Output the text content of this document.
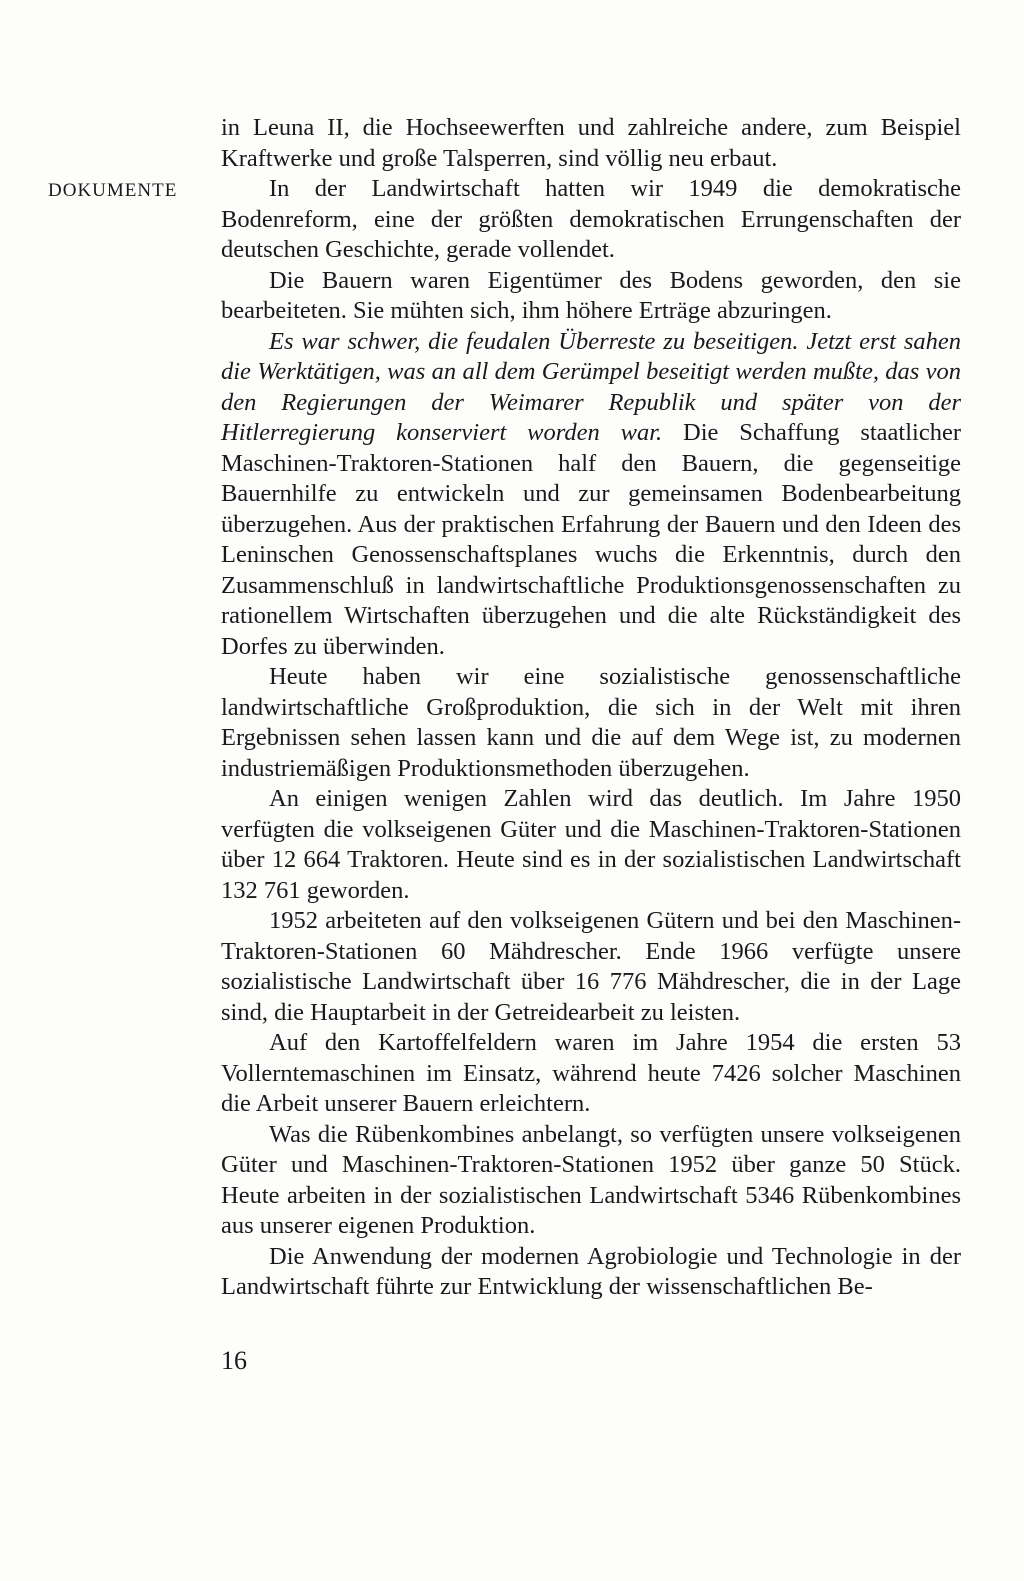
DOKUMENTE

in Leuna II, die Hochseewerften und zahlreiche andere, zum Beispiel Kraftwerke und große Talsperren, sind völlig neu erbaut.

In der Landwirtschaft hatten wir 1949 die demokratische Bodenreform, eine der größten demokratischen Errungenschaften der deutschen Geschichte, gerade vollendet.

Die Bauern waren Eigentümer des Bodens geworden, den sie bearbeiteten. Sie mühten sich, ihm höhere Erträge abzuringen.

Es war schwer, die feudalen Überreste zu beseitigen. Jetzt erst sahen die Werktätigen, was an all dem Gerümpel beseitigt werden mußte, das von den Regierungen der Weimarer Republik und später von der Hitlerregierung konserviert worden war. Die Schaffung staatlicher Maschinen-Traktoren-Stationen half den Bauern, die gegenseitige Bauernhilfe zu entwickeln und zur gemeinsamen Bodenbearbeitung überzugehen. Aus der praktischen Erfahrung der Bauern und den Ideen des Leninschen Genossenschaftsplanes wuchs die Erkenntnis, durch den Zusammenschluß in landwirtschaftliche Produktionsgenossenschaften zu rationellem Wirtschaften überzugehen und die alte Rückständigkeit des Dorfes zu überwinden.

Heute haben wir eine sozialistische genossenschaftliche landwirtschaftliche Großproduktion, die sich in der Welt mit ihren Ergebnissen sehen lassen kann und die auf dem Wege ist, zu modernen industriemäßigen Produktionsmethoden überzugehen.

An einigen wenigen Zahlen wird das deutlich. Im Jahre 1950 verfügten die volkseigenen Güter und die Maschinen-Traktoren-Stationen über 12 664 Traktoren. Heute sind es in der sozialistischen Landwirtschaft 132 761 geworden.

1952 arbeiteten auf den volkseigenen Gütern und bei den Maschinen-Traktoren-Stationen 60 Mähdrescher. Ende 1966 verfügte unsere sozialistische Landwirtschaft über 16 776 Mähdrescher, die in der Lage sind, die Hauptarbeit in der Getreidearbeit zu leisten.

Auf den Kartoffelfeldern waren im Jahre 1954 die ersten 53 Vollerntemaschinen im Einsatz, während heute 7426 solcher Maschinen die Arbeit unserer Bauern erleichtern.

Was die Rübenkombines anbelangt, so verfügten unsere volkseigenen Güter und Maschinen-Traktoren-Stationen 1952 über ganze 50 Stück. Heute arbeiten in der sozialistischen Landwirtschaft 5346 Rübenkombines aus unserer eigenen Produktion.

Die Anwendung der modernen Agrobiologie und Technologie in der Landwirtschaft führte zur Entwicklung der wissenschaftlichen Be-

16
